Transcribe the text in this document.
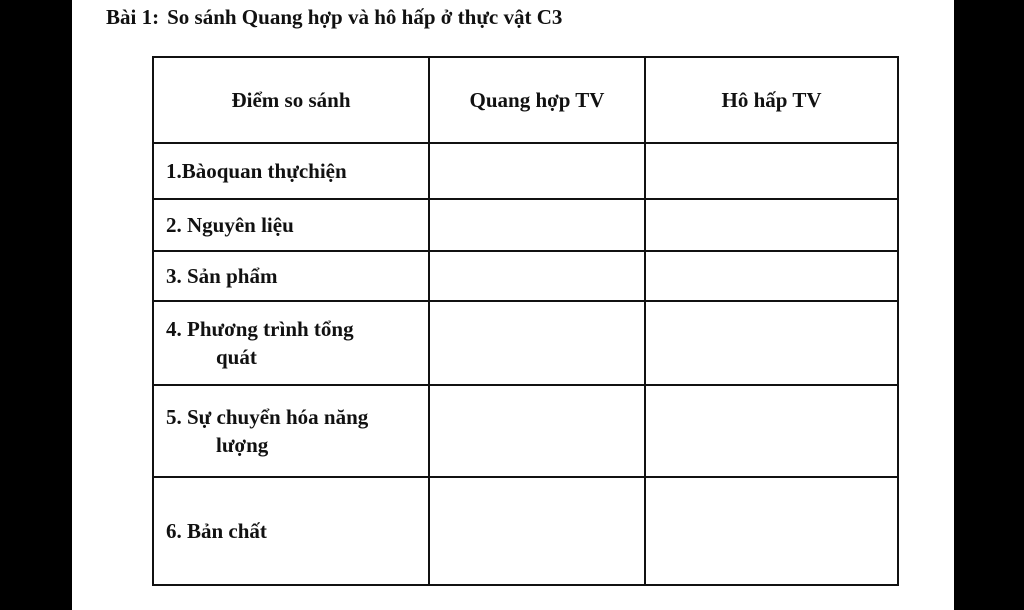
Bài 1: So sánh Quang hợp và hô hấp ở thực vật C3
Điểm so sánh	Quang hợp TV	Hô hấp TV
1.Bàoquan thựchiện		
2. Nguyên liệu		
3. Sản phẩm		
4. Phương trình tổng
quát		

5. Sự chuyển hóa năng
lượng		

6. Bản chất		
